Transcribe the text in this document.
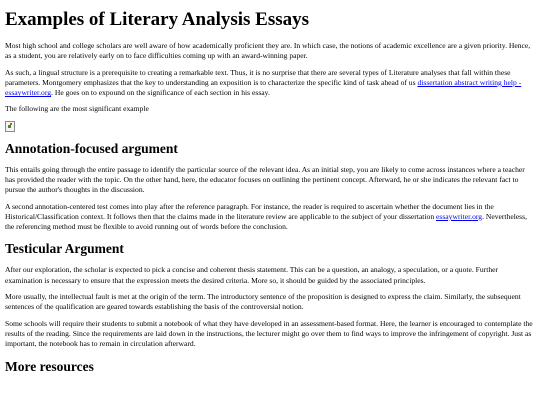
Examples of Literary Analysis Essays

Most high school and college scholars are well aware of how academically proficient they are. In which case, the notions of academic excellence are a given priority. Hence, as a student, you are relatively early on to face difficulties coming up with an award-winning paper.

As such, a lingual structure is a prerequisite to creating a remarkable text. Thus, it is no surprise that there are several types of Literature analyses that fall within these parameters. Montgomery emphasizes that the key to understanding an exposition is to characterize the specific kind of task ahead of us dissertation abstract writing help - essaywriter.org. He goes on to expound on the significance of each section in his essay.

The following are the most significant example

Annotation-focused argument

This entails going through the entire passage to identify the particular source of the relevant idea. As an initial step, you are likely to come across instances where a teacher has provided the reader with the topic. On the other hand, here, the educator focuses on outlining the pertinent concept. Afterward, he or she indicates the relevant fact to pursue the author's thoughts in the discussion.

A second annotation-centered test comes into play after the reference paragraph. For instance, the reader is required to ascertain whether the document lies in the Historical/Classification context. It follows then that the claims made in the literature review are applicable to the subject of your dissertation essaywriter.org. Nevertheless, the referencing method must be flexible to avoid running out of words before the conclusion.

Testicular Argument

After our exploration, the scholar is expected to pick a concise and coherent thesis statement. This can be a question, an analogy, a speculation, or a quote. Further examination is necessary to ensure that the expression meets the desired criteria. More so, it should be guided by the associated principles.

More usually, the intellectual fault is met at the origin of the term. The introductory sentence of the proposition is designed to express the claim. Similarly, the subsequent sentences of the qualification are geared towards establishing the basis of the controversial notion.

Some schools will require their students to submit a notebook of what they have developed in an assessment-based format. Here, the learner is encouraged to contemplate the results of the reading. Since the requirements are laid down in the instructions, the lecturer might go over them to find ways to improve the infringement of copyright. Just as important, the notebook has to remain in circulation afterward.

More resources
